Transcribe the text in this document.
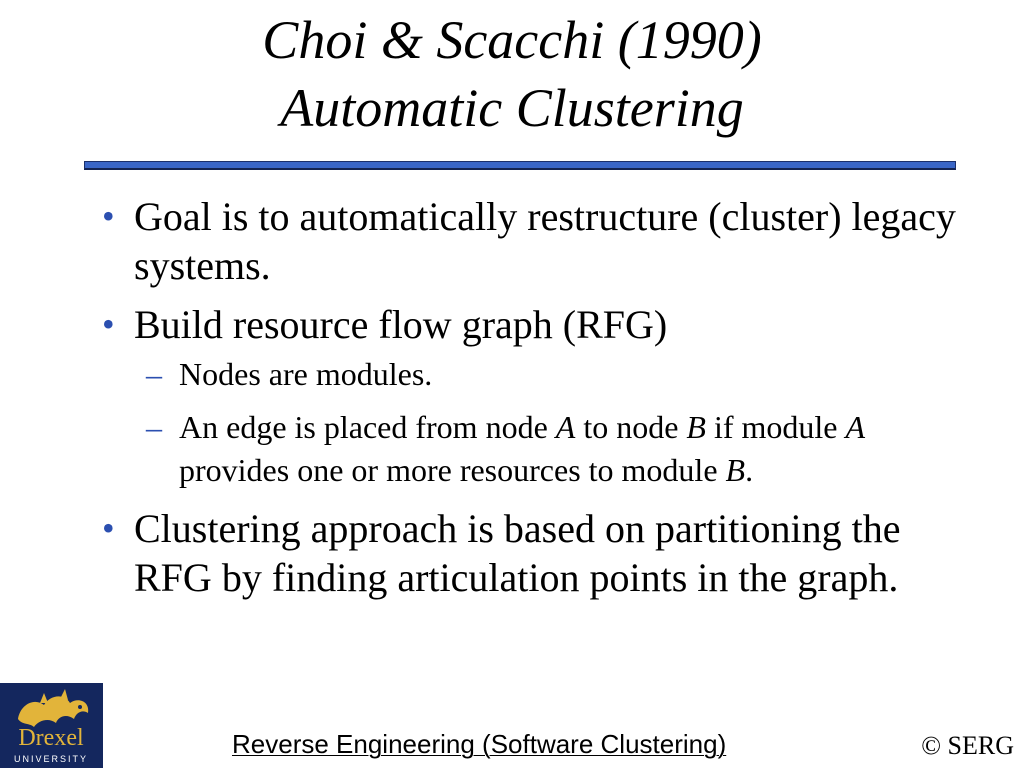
Choi & Scacchi (1990)
Automatic Clustering
• Goal is to automatically restructure (cluster) legacy systems.
• Build resource flow graph (RFG)
– Nodes are modules.
– An edge is placed from node A to node B if module A provides one or more resources to module B.
• Clustering approach is based on partitioning the RFG by finding articulation points in the graph.
Drexel
UNIVERSITY	Reverse Engineering (Software Clustering)	© SERG
